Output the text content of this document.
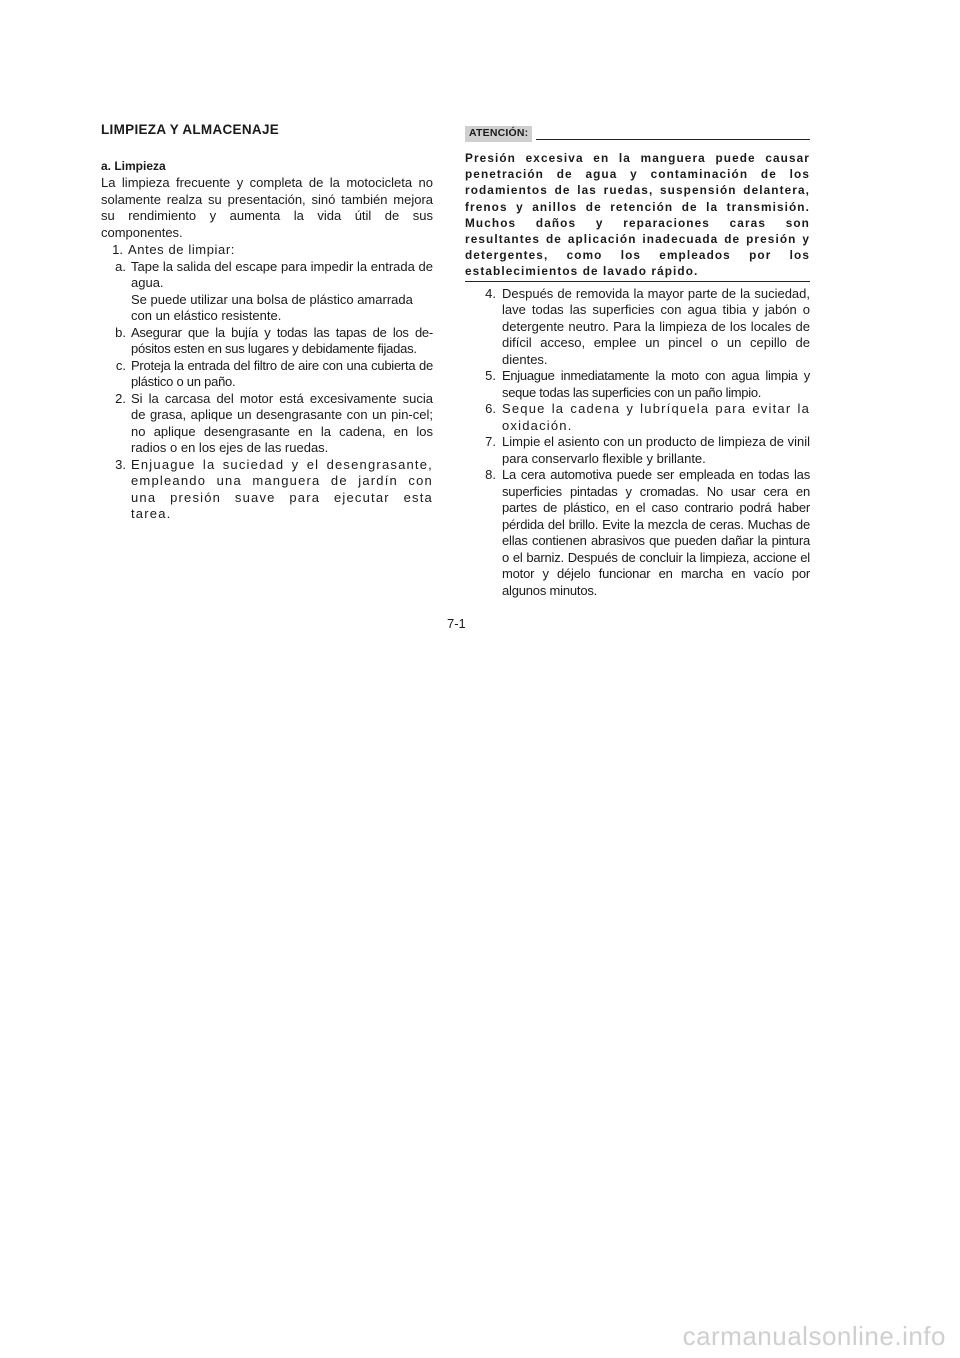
LIMPIEZA Y ALMACENAJE
a. Limpieza
La limpieza frecuente y completa de la motocicleta no solamente realza su presentación, sinó también mejora su rendimiento y aumenta la vida útil de sus componentes.
1. Antes de limpiar:
a. Tape la salida del escape para impedir la entrada de agua.
Se puede utilizar una bolsa de plástico amarrada con un elástico resistente.
b. Asegurar que la bujía y todas las tapas de los de-pósitos esten en sus lugares y debidamente fijadas.
c. Proteja la entrada del filtro de aire con una cubierta de plástico o un paño.
2. Si la carcasa del motor está excesivamente sucia de grasa, aplique un desengrasante con un pin-cel; no aplique desengrasante en la cadena, en los radios o en los ejes de las ruedas.
3. Enjuague la suciedad y el desengrasante, empleando una manguera de jardín con una presión suave para ejecutar esta tarea.
ATENCIÓN:
Presión excesiva en la manguera puede causar penetración de agua y contaminación de los rodamientos de las ruedas, suspensión delantera, frenos y anillos de retención de la transmisión. Muchos daños y reparaciones caras son resultantes de aplicación inadecuada de presión y detergentes, como los empleados por los establecimientos de lavado rápido.
4. Después de removida la mayor parte de la suciedad, lave todas las superficies con agua tibia y jabón o detergente neutro. Para la limpieza de los locales de difícil acceso, emplee un pincel o un cepillo de dientes.
5. Enjuague inmediatamente la moto con agua limpia y seque todas las superficies con un paño limpio.
6. Seque la cadena y lubríquela para evitar la oxidación.
7. Limpie el asiento con un producto de limpieza de vinil para conservarlo flexible y brillante.
8. La cera automotiva puede ser empleada en todas las superficies pintadas y cromadas. No usar cera en partes de plástico, en el caso contrario podrá haber pérdida del brillo. Evite la mezcla de ceras. Muchas de ellas contienen abrasivos que pueden dañar la pintura o el barniz. Después de concluir la limpieza, accione el motor y déjelo funcionar en marcha en vacío por algunos minutos.
7-1
carmanualsonline.info
